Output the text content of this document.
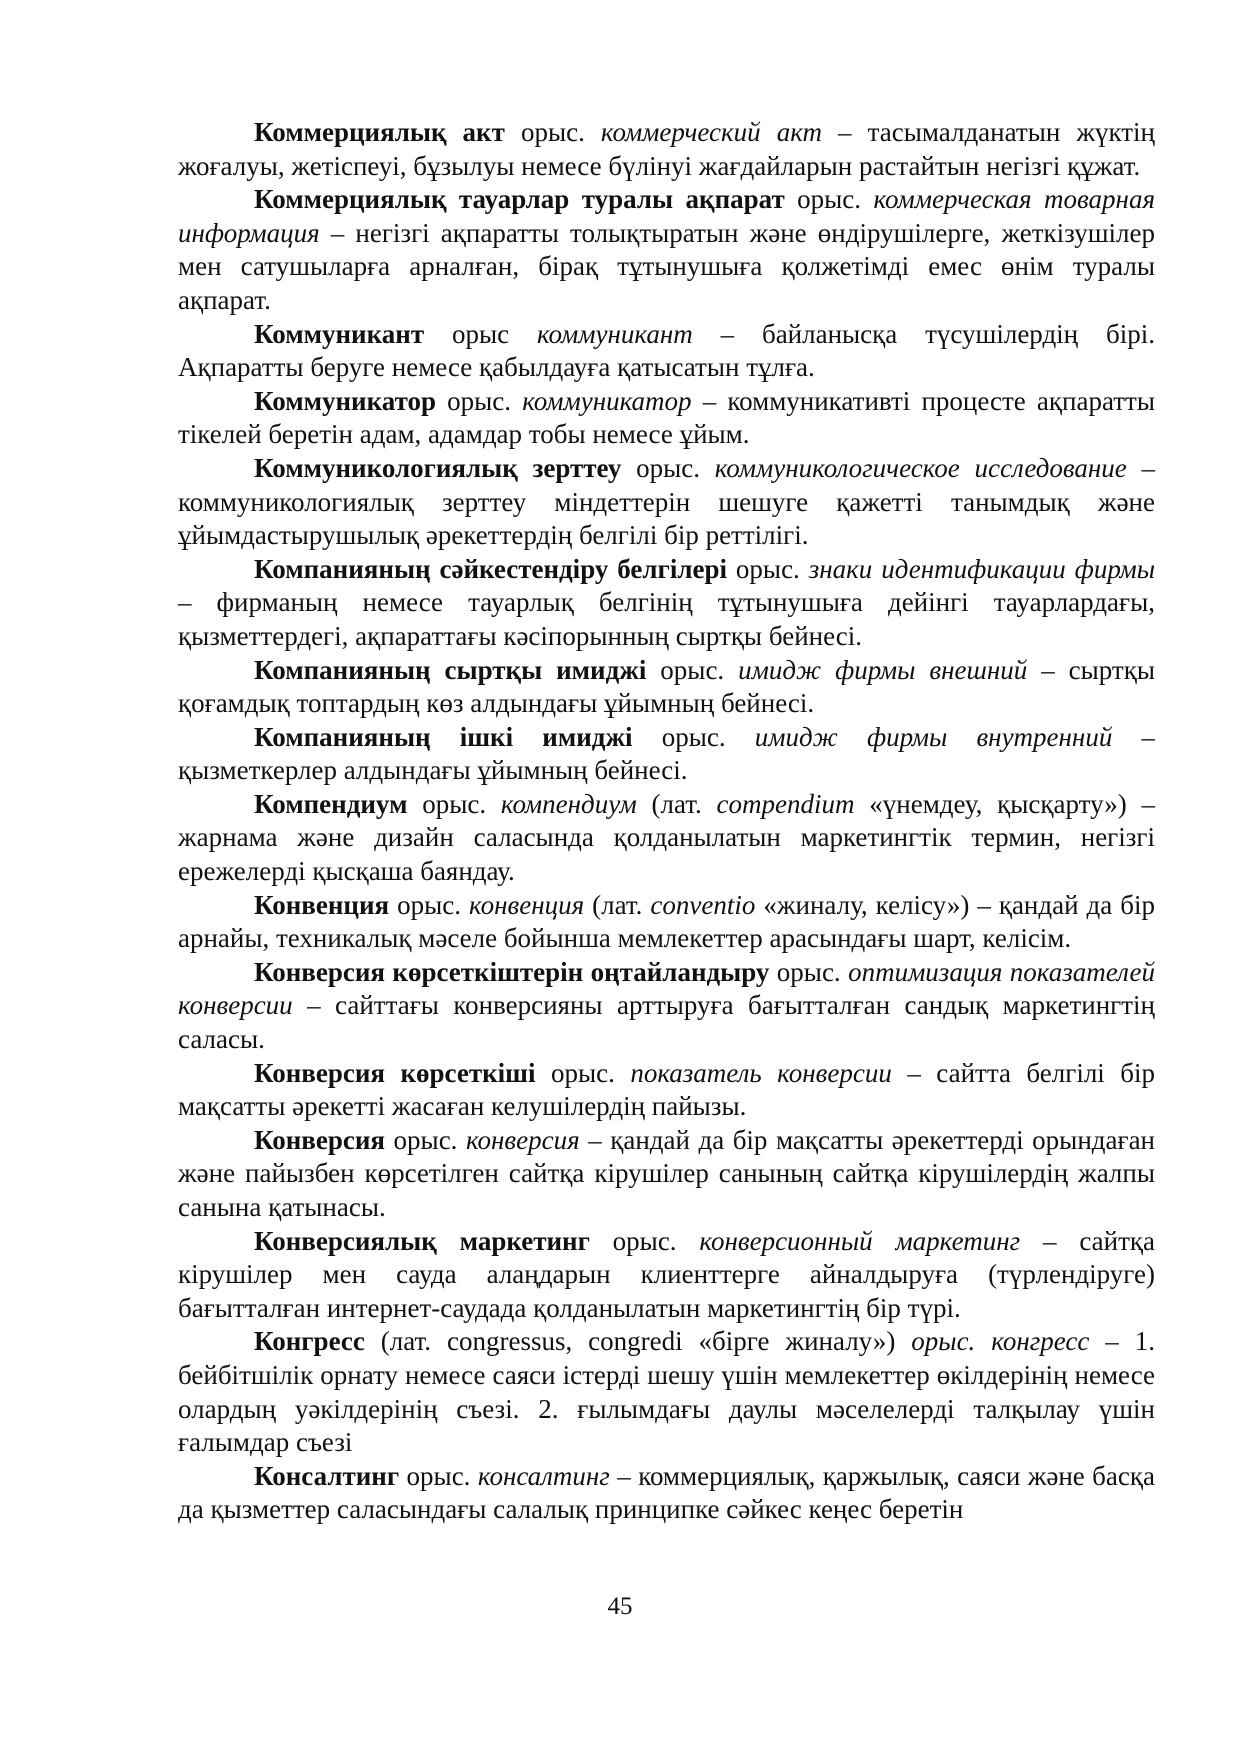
Коммерциялық акт орыс. коммерческий акт – тасымалданатын жүктің жоғалуы, жетіспеуі, бұзылуы немесе бүлінуі жағдайларын растайтын негізгі құжат.

Коммерциялық тауарлар туралы ақпарат орыс. коммерческая товарная информация – негізгі ақпаратты толықтыратын және өндірушілерге, жеткізушілер мен сатушыларға арналған, бірақ тұтынушыға қолжетімді емес өнім туралы ақпарат.

Коммуникант орыс коммуникант – байланысқа түсушілердің бірі. Ақпаратты беруге немесе қабылдауға қатысатын тұлға.

Коммуникатор орыс. коммуникатор – коммуникативті процесте ақпаратты тікелей беретін адам, адамдар тобы немесе ұйым.

Коммуникологиялық зерттеу орыс. коммуникологическое исследование – коммуникологиялық зерттеу міндеттерін шешуге қажетті танымдық және ұйымдастырушылық әрекеттердің белгілі бір реттілігі.

Компанияның сәйкестендіру белгілері орыс. знаки идентификации фирмы – фирманың немесе тауарлық белгінің тұтынушыға дейінгі тауарлардағы, қызметтердегі, ақпараттағы кәсіпорынның сыртқы бейнесі.

Компанияның сыртқы имиджі орыс. имидж фирмы внешний – сыртқы қоғамдық топтардың көз алдындағы ұйымның бейнесі.

Компанияның ішкі имиджі орыс. имидж фирмы внутренний – қызметкерлер алдындағы ұйымның бейнесі.

Компендиум орыс. компендиум (лат. compendium «үнемдеу, қысқарту») – жарнама және дизайн саласында қолданылатын маркетингтік термин, негізгі ережелерді қысқаша баяндау.

Конвенция орыс. конвенция (лат. conventio «жиналу, келісу») – қандай да бір арнайы, техникалық мәселе бойынша мемлекеттер арасындағы шарт, келісім.

Конверсия көрсеткіштерін оңтайландыру орыс. оптимизация показателей конверсии – сайттағы конверсияны арттыруға бағытталған сандық маркетингтің саласы.

Конверсия көрсеткіші орыс. показатель конверсии – сайтта белгілі бір мақсатты әрекетті жасаған келушілердің пайызы.

Конверсия орыс. конверсия – қандай да бір мақсатты әрекеттерді орындаған және пайызбен көрсетілген сайтқа кірушілер санының сайтқа кірушілердің жалпы санына қатынасы.

Конверсиялық маркетинг орыс. конверсионный маркетинг – сайтқа кірушілер мен сауда алаңдарын клиенттерге айналдыруға (түрлендіруге) бағытталған интернет-саудада қолданылатын маркетингтің бір түрі.

Конгресс (лат. congressus, congredi «бірге жиналу») орыс. конгресс – 1. бейбітшілік орнату немесе саяси істерді шешу үшін мемлекеттер өкілдерінің немесе олардың уәкілдерінің съезі. 2. ғылымдағы даулы мәселелерді талқылау үшін ғалымдар съезі

Консалтинг орыс. консалтинг – коммерциялық, қаржылық, саяси және басқа да қызметтер саласындағы салалық принципке сәйкес кеңес беретін

45
